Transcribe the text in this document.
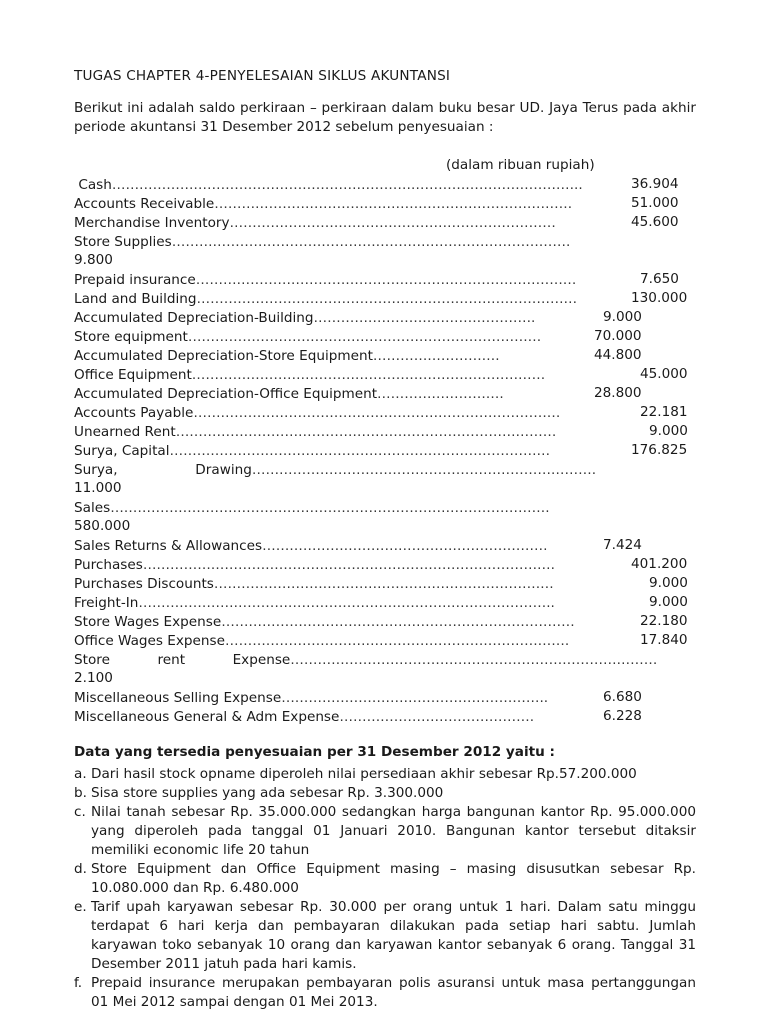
TUGAS CHAPTER 4-PENYELESAIAN SIKLUS AKUNTANSI
Berikut ini adalah saldo perkiraan – perkiraan dalam buku besar UD. Jaya Terus pada akhir periode akuntansi 31 Desember 2012 sebelum penyesuaian :
(dalam ribuan rupiah)
Cash…………………………………………………………………………………………..	36.904
Accounts Receivable…………………………………………………………………….	51.000
Merchandise Inventory………………………………………………………………	45.600
Store Supplies…………………………………………………………………………….
9.800
Prepaid insurance…………………………………………………………………………	7.650
Land and Building…………………………………………………………………………	130.000
Accumulated Depreciation-Building………………………………………….	9.000
Store equipment……………………………………………………………………	70.000
Accumulated Depreciation-Store Equipment……………………….	44.800
Office Equipment……………………………………………………………………	45.000
Accumulated Depreciation-Office Equipment……………………….	28.800
Accounts Payable………………………………………………………………………	22.181
Unearned Rent…………………………………………………………………………	9.000
Surya, Capital…………………………………………………………………………	176.825
Surya,                  Drawing………………………………………………………………….
11.000
Sales…………………………………………………………………………………….
580.000
Sales Returns & Allowances………………………………………………………	7.424
Purchases……………………………………………………………………………….	401.200
Purchases Discounts…………………………………………………………………	9.000
Freight-In………………………………………………………………………………..	9.000
Store Wages Expense……………………………………………………………………	22.180
Office Wages Expense………………………………………………………………….	17.840
Store           rent           Expense………………………………………………………………………
2.100
Miscellaneous Selling Expense…………………………………………………..	6.680
Miscellaneous General & Adm Expense…………………………………….	6.228
Data yang tersedia penyesuaian per 31 Desember 2012 yaitu :
a. Dari hasil stock opname diperoleh nilai persediaan akhir sebesar Rp.57.200.000
b. Sisa store supplies yang ada sebesar Rp. 3.300.000
c. Nilai tanah sebesar Rp. 35.000.000 sedangkan harga bangunan kantor Rp. 95.000.000 yang diperoleh pada tanggal 01 Januari 2010. Bangunan kantor tersebut ditaksir memiliki economic life 20 tahun
d. Store Equipment dan Office Equipment masing – masing disusutkan sebesar Rp. 10.080.000 dan Rp. 6.480.000
e. Tarif upah karyawan sebesar Rp. 30.000 per orang untuk 1 hari. Dalam satu minggu terdapat 6 hari kerja dan pembayaran dilakukan pada setiap hari sabtu. Jumlah karyawan toko sebanyak 10 orang dan karyawan kantor sebanyak 6 orang. Tanggal 31 Desember 2011 jatuh pada hari kamis.
f. Prepaid insurance merupakan pembayaran polis asuransi untuk masa pertanggungan 01 Mei 2012 sampai dengan 01 Mei 2013.
